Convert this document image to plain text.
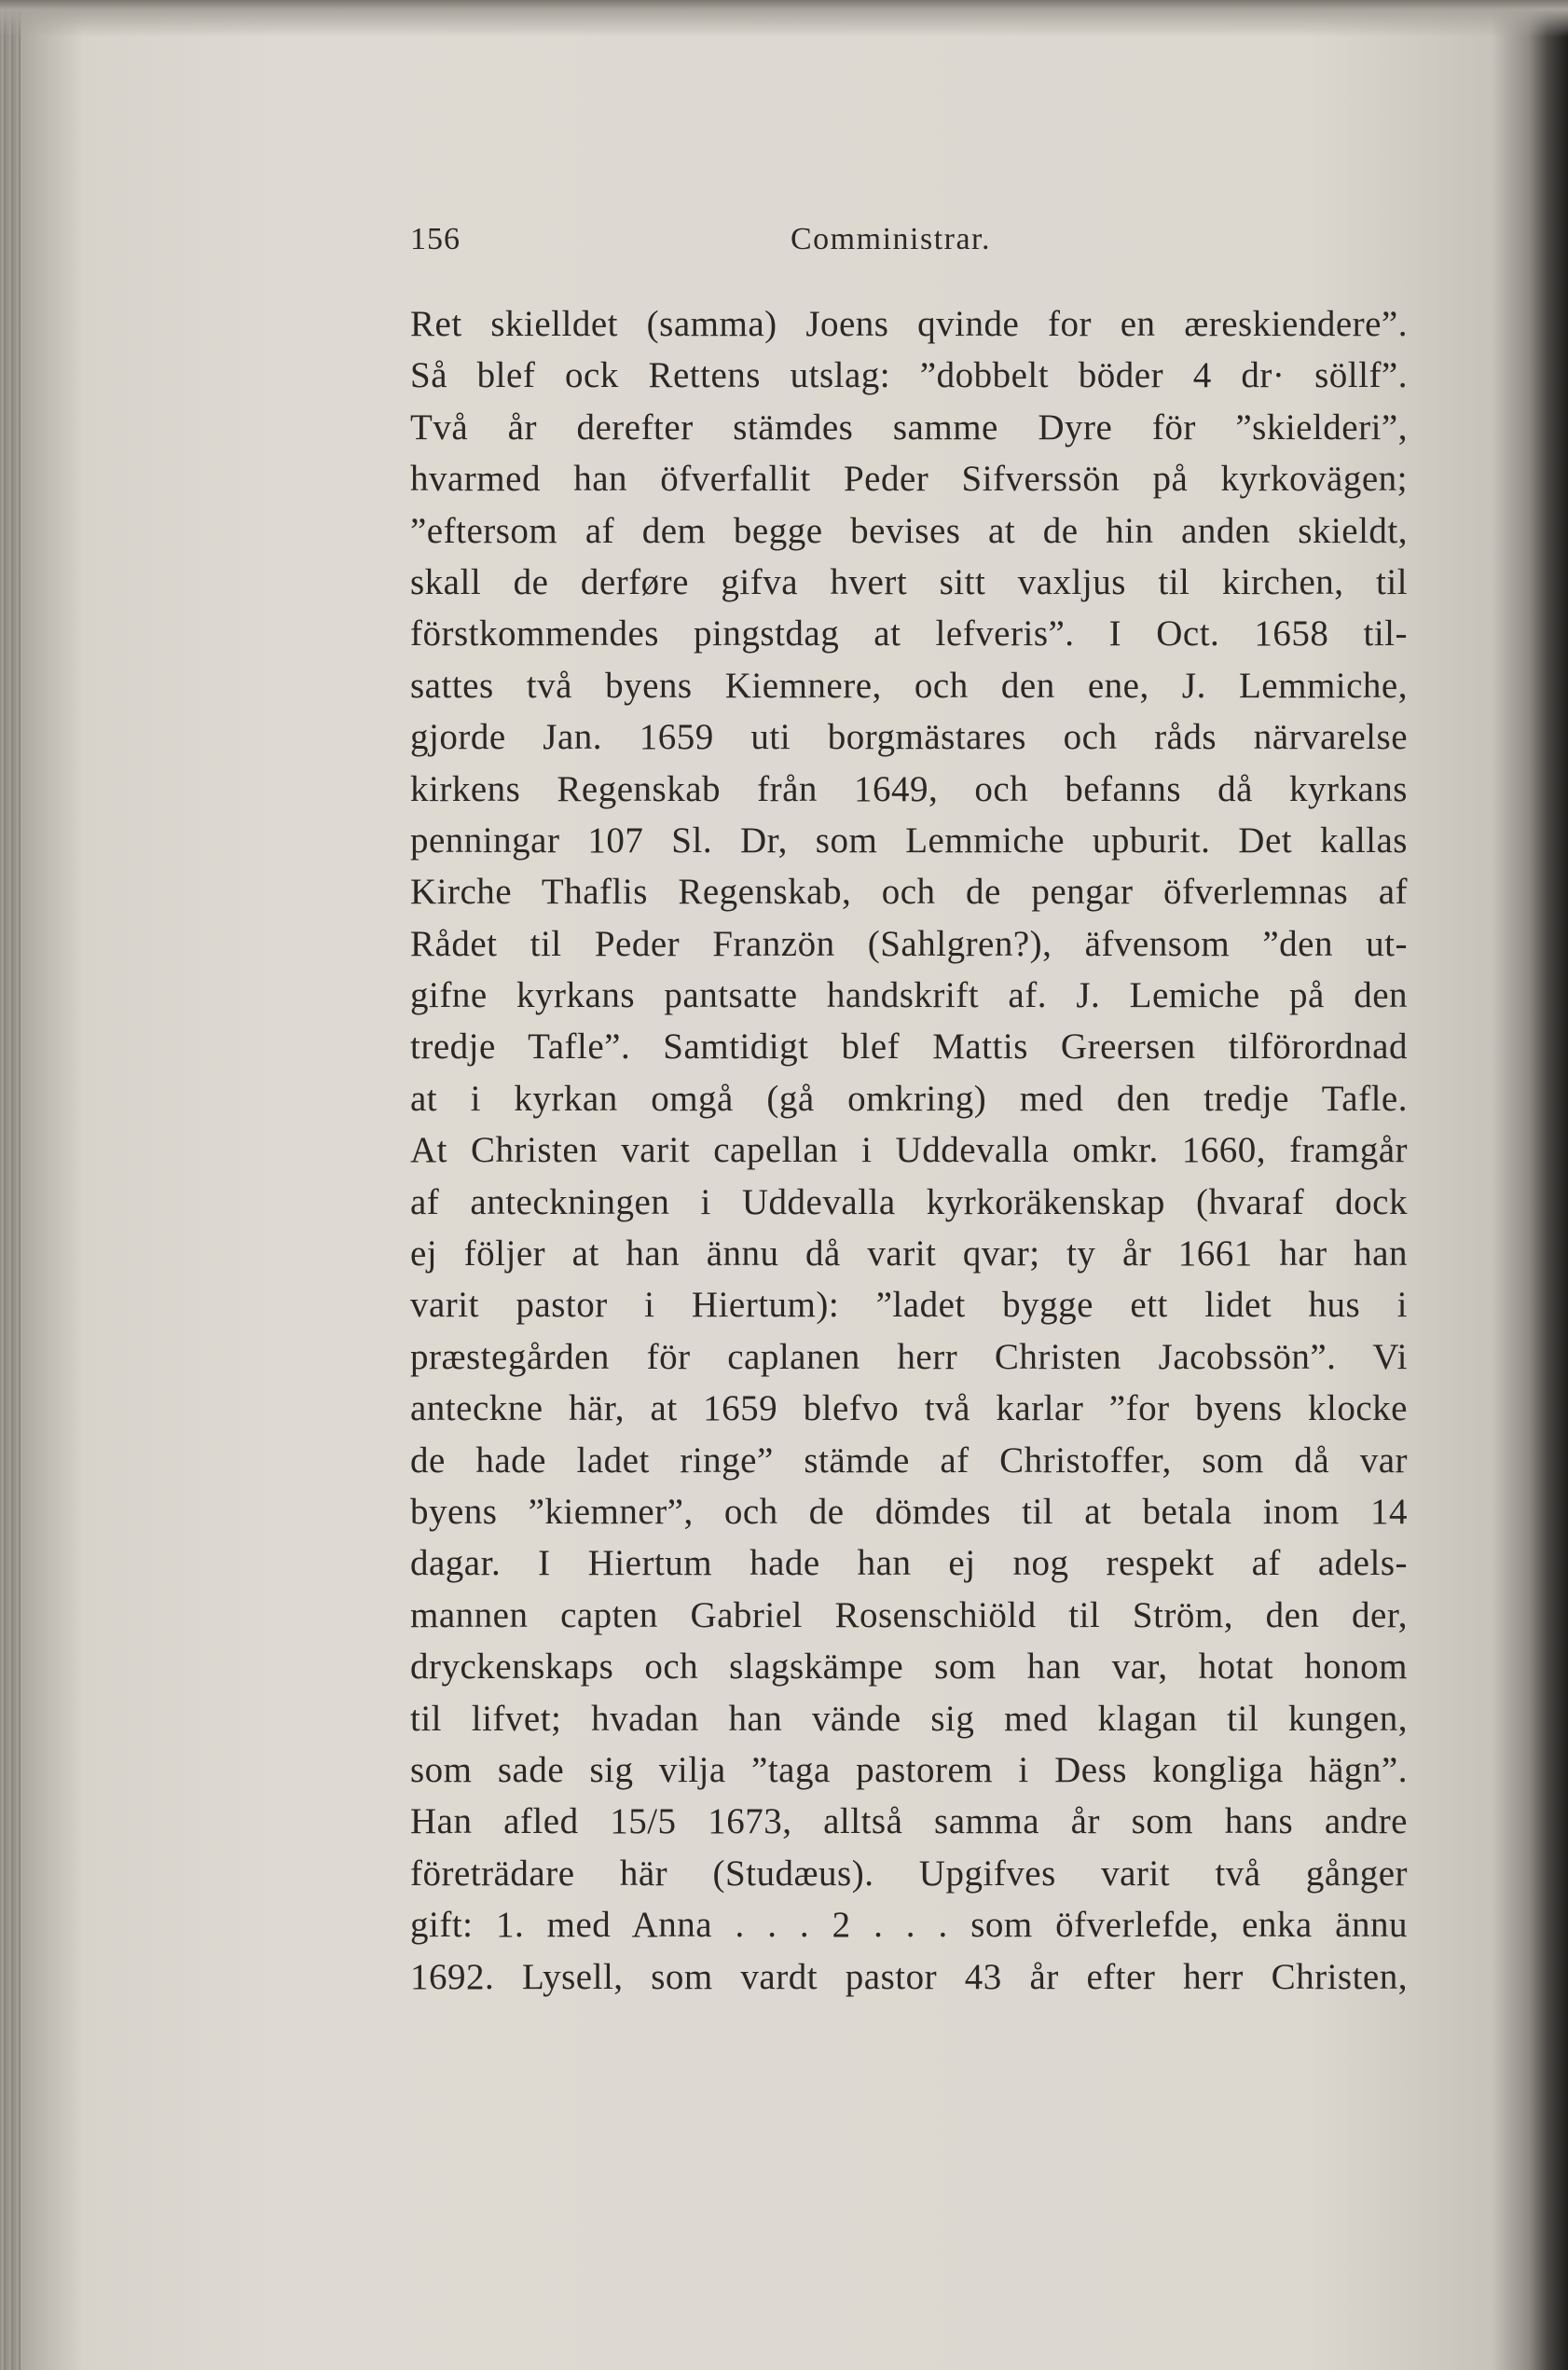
156	Comministrar.
Ret skielldet (samma) Joens qvinde for en æreskiendere”.
Så blef ock Rettens utslag: ”dobbelt böder 4 dr· söllf”.
Två år derefter stämdes samme Dyre för ”skielderi”,
hvarmed han öfverfallit Peder Sifverssön på kyrkovägen;
”eftersom af dem begge bevises at de hin anden skieldt,
skall de derføre gifva hvert sitt vaxljus til kirchen, til
förstkommendes pingstdag at lefveris”. I Oct. 1658 til-
sattes två byens Kiemnere, och den ene, J. Lemmiche,
gjorde Jan. 1659 uti borgmästares och råds närvarelse
kirkens Regenskab från 1649, och befanns då kyrkans
penningar 107 Sl. Dr, som Lemmiche upburit. Det kallas
Kirche Thaflis Regenskab, och de pengar öfverlemnas af
Rådet til Peder Franzön (Sahlgren?), äfvensom ”den ut-
gifne kyrkans pantsatte handskrift af. J. Lemiche på den
tredje Tafle”. Samtidigt blef Mattis Greersen tilförordnad
at i kyrkan omgå (gå omkring) med den tredje Tafle.
At Christen varit capellan i Uddevalla omkr. 1660, framgår
af anteckningen i Uddevalla kyrkoräkenskap (hvaraf dock
ej följer at han ännu då varit qvar; ty år 1661 har han
varit pastor i Hiertum): ”ladet bygge ett lidet hus i
præstegården för caplanen herr Christen Jacobssön”. Vi
anteckne här, at 1659 blefvo två karlar ”for byens klocke
de hade ladet ringe” stämde af Christoffer, som då var
byens ”kiemner”, och de dömdes til at betala inom 14
dagar. I Hiertum hade han ej nog respekt af adels-
mannen capten Gabriel Rosenschiöld til Ström, den der,
dryckenskaps och slagskämpe som han var, hotat honom
til lifvet; hvadan han vände sig med klagan til kungen,
som sade sig vilja ”taga pastorem i Dess kongliga hägn”.
Han afled 15/5 1673, alltså samma år som hans andre
företrädare här (Studæus). Upgifves varit två gånger
gift: 1. med Anna . . . 2 . . . som öfverlefde, enka ännu
1692. Lysell, som vardt pastor 43 år efter herr Christen,
